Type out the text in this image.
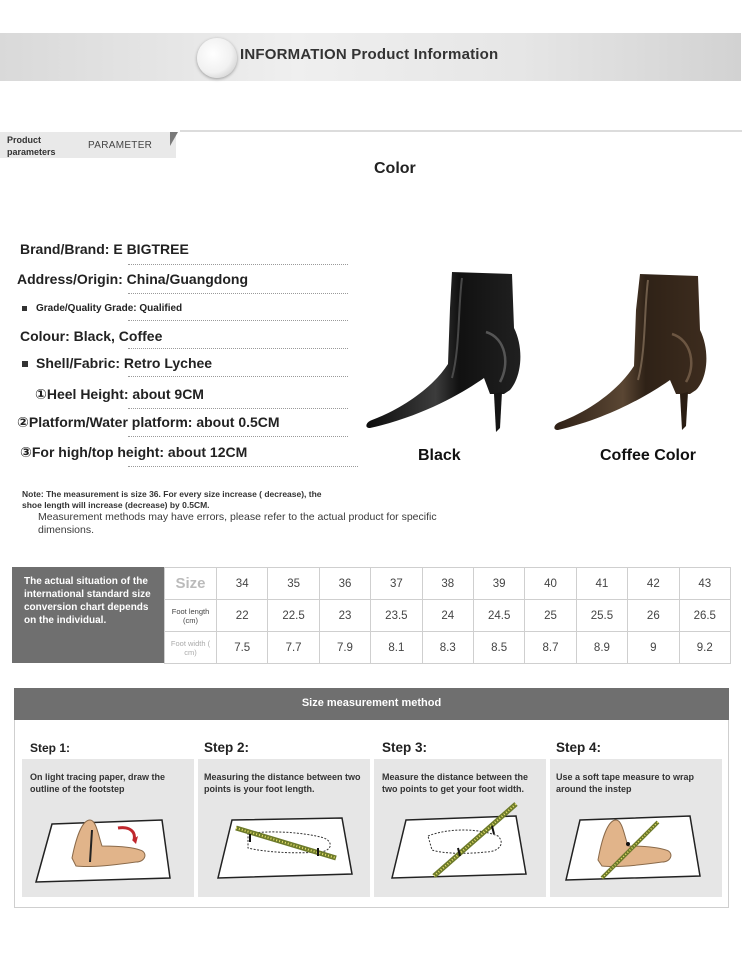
INFORMATION Product Information
Product parameters
PARAMETER
Color
Brand/Brand: E BIGTREE
Address/Origin: China/Guangdong
Grade/Quality Grade: Qualified
Colour: Black, Coffee
Shell/Fabric: Retro Lychee
①Heel Height: about 9CM
②Platform/Water platform: about 0.5CM
③For high/top height: about 12CM	Black	Coffee Color
Note: The measurement is size 36. For every size increase ( decrease), the shoe length will increase (decrease) by 0.5CM.
Measurement methods may have errors, please refer to the actual product for specific dimensions.
The actual situation of the international standard size conversion chart depends on the individual.
Size	34	35	36	37	38	39	40	41	42	43
Foot length (cm)	22	22.5	23	23.5	24	24.5	25	25.5	26	26.5
Foot width ( cm)	7.5	7.7	7.9	8.1	8.3	8.5	8.7	8.9	9	9.2
Size measurement method
Step 1:	Step 2:	Step 3:	Step 4:
On light tracing paper, draw the outline of the footstep
Measuring the distance between two points is your foot length.
Measure the distance between the two points to get your foot width.
Use a soft tape measure to wrap around the instep
